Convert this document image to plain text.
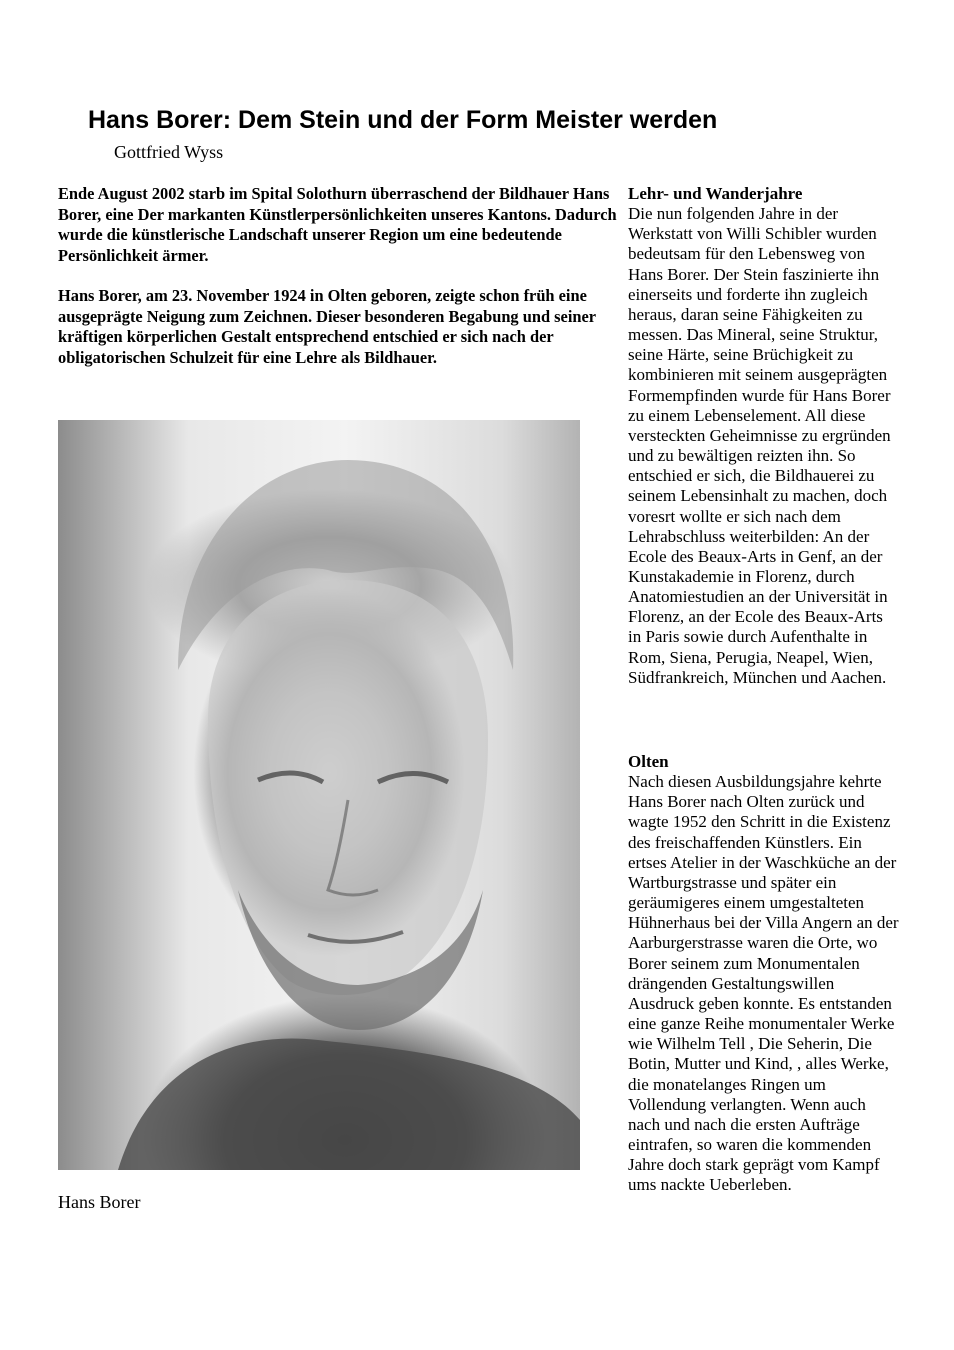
Hans Borer: Dem Stein und der Form Meister werden
Gottfried Wyss

Ende August 2002 starb im Spital Solothurn überraschend der Bildhauer Hans Borer, eine Der markanten Künstlerpersönlichkeiten unseres Kantons. Dadurch wurde die künstlerische Landschaft unserer Region um eine bedeutende Persönlichkeit ärmer.

Hans Borer, am 23. November 1924 in Olten geboren, zeigte schon früh eine ausgeprägte Neigung zum Zeichnen. Dieser besonderen Begabung und seiner kräftigen körperlichen Gestalt entsprechend entschied er sich nach der obligatorischen Schulzeit für eine Lehre als Bildhauer.

Hans Borer
Lehr- und Wanderjahre

Die nun folgenden Jahre in der Werkstatt von Willi Schibler wurden bedeutsam für den Lebensweg von Hans Borer. Der Stein faszinierte ihn einerseits und forderte ihn zugleich heraus, daran seine Fähigkeiten zu messen. Das Mineral, seine Struktur, seine Härte, seine Brüchigkeit zu kombinieren mit seinem ausgeprägten Formempfinden wurde für Hans Borer zu einem Lebenselement. All diese versteckten Geheimnisse zu ergründen und zu bewältigen reizten ihn. So entschied er sich, die Bildhauerei zu seinem Lebensinhalt zu machen, doch voresrt wollte er sich nach dem Lehrabschluss weiterbilden: An der Ecole des Beaux-Arts in Genf, an der Kunstakademie in Florenz, durch Anatomiestudien an der Universität in Florenz, an der Ecole des Beaux-Arts in Paris sowie durch Aufenthalte in Rom, Siena, Perugia, Neapel, Wien, Südfrankreich, München und Aachen.

Olten

Nach diesen Ausbildungsjahre kehrte Hans Borer nach Olten zurück und wagte 1952 den Schritt in die Existenz des freischaffenden Künstlers. Ein ertses Atelier in der Waschküche an der Wartburgstrasse und später ein geräumigeres einem umgestalteten Hühnerhaus bei der Villa Angern an der Aarburgerstrasse waren die Orte, wo Borer seinem zum Monumentalen drängenden Gestaltungswillen Ausdruck geben konnte. Es entstanden eine ganze Reihe monumentaler Werke wie Wilhelm Tell , Die Seherin, Die Botin, Mutter und Kind, , alles Werke, die monatelanges Ringen um Vollendung verlangten. Wenn auch nach und nach die ersten Aufträge eintrafen, so waren die kommenden Jahre doch stark geprägt vom Kampf ums nackte Ueberleben.
